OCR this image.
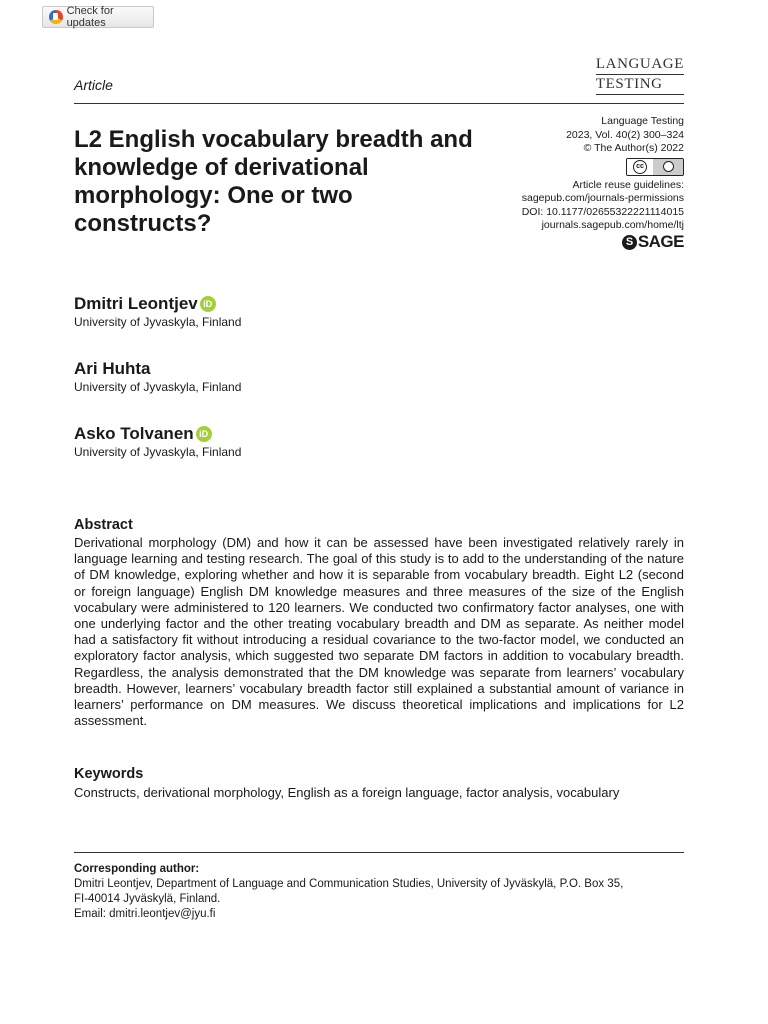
Check for updates
LANGUAGE
TESTING
Article
L2 English vocabulary breadth and knowledge of derivational morphology: One or two constructs?
Language Testing
2023, Vol. 40(2) 300–324
© The Author(s) 2022
cc
Article reuse guidelines:
sagepub.com/journals-permissions
DOI: 10.1177/02655322221114015
journals.sagepub.com/home/ltj
S SAGE
Dmitri Leontjev iD
University of Jyvaskyla, Finland
Ari Huhta
University of Jyvaskyla, Finland
Asko Tolvanen iD
University of Jyvaskyla, Finland
Abstract
Derivational morphology (DM) and how it can be assessed have been investigated relatively rarely in language learning and testing research. The goal of this study is to add to the understanding of the nature of DM knowledge, exploring whether and how it is separable from vocabulary breadth. Eight L2 (second or foreign language) English DM knowledge measures and three measures of the size of the English vocabulary were administered to 120 learners. We conducted two confirmatory factor analyses, one with one underlying factor and the other treating vocabulary breadth and DM as separate. As neither model had a satisfactory fit without introducing a residual covariance to the two-factor model, we conducted an exploratory factor analysis, which suggested two separate DM factors in addition to vocabulary breadth. Regardless, the analysis demonstrated that the DM knowledge was separate from learners’ vocabulary breadth. However, learners’ vocabulary breadth factor still explained a substantial amount of variance in learners’ performance on DM measures. We discuss theoretical implications and implications for L2 assessment.
Keywords
Constructs, derivational morphology, English as a foreign language, factor analysis, vocabulary
Corresponding author:
Dmitri Leontjev, Department of Language and Communication Studies, University of Jyväskylä, P.O. Box 35,
FI-40014 Jyväskylä, Finland.
Email: dmitri.leontjev@jyu.fi
